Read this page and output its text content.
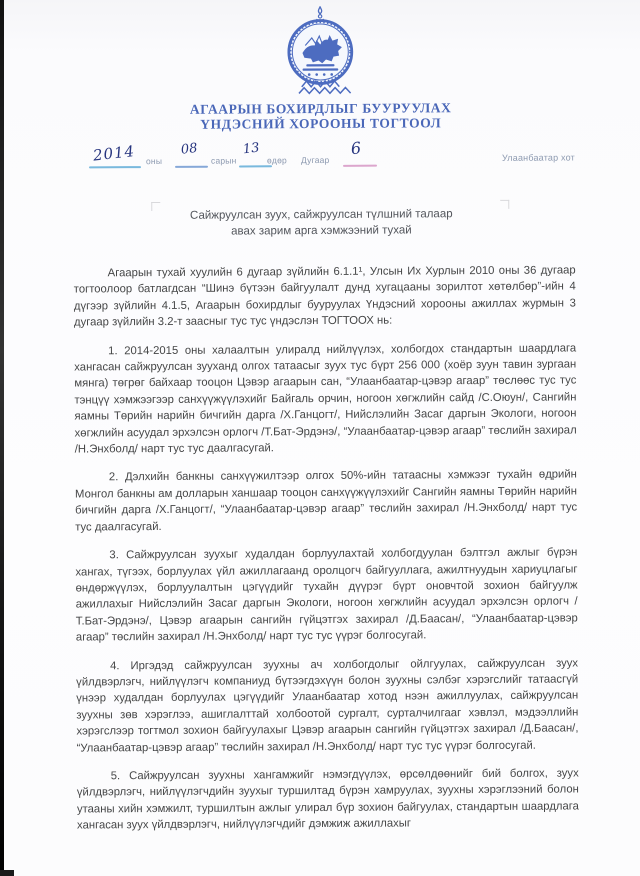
АГААРЫН БОХИРДЛЫГ БУУРУУЛАХ
ҮНДЭСНИЙ ХОРООНЫ ТОГТООЛ
2014 оны
08
сарын
13
өдөр Дугаар
6	Улаанбаатар хот
Сайжруулсан зуух, сайжруулсан түлшний талаар
авах зарим арга хэмжээний тухай

Агаарын тухай хуулийн 6 дугаар зүйлийн 6.1.1¹, Улсын Их Хурлын 2010 оны 36 дугаар тогтоолоор батлагдсан “Шинэ бүтээн байгуулалт дунд хугацааны зорилтот хөтөлбөр”-ийн 4 дүгээр зүйлийн 4.1.5, Агаарын бохирдлыг бууруулах Үндэсний хорооны ажиллах журмын 3 дугаар зүйлийн 3.2-т заасныг тус тус үндэслэн ТОГТООХ нь:

1. 2014-2015 оны халаалтын улиралд нийлүүлэх, холбогдох стандартын шаардлага хангасан сайжруулсан зууханд олгох татаасыг зуух тус бүрт 256 000 (хоёр зуун тавин зургаан мянга) төгрөг байхаар тооцон Цэвэр агаарын сан, “Улаанбаатар-цэвэр агаар” төслөөс тус тус тэнцүү хэмжээгээр санхүүжүүлэхийг Байгаль орчин, ногоон хөгжлийн сайд /С.Оюун/, Сангийн яамны Төрийн нарийн бичгийн дарга /Х.Ганцогт/, Нийслэлийн Засаг даргын Экологи, ногоон хөгжлийн асуудал эрхэлсэн орлогч /Т.Бат-Эрдэнэ/, “Улаанбаатар-цэвэр агаар” төслийн захирал /Н.Энхболд/ нарт тус тус даалгасугай.

2. Дэлхийн банкны санхүүжилтээр олгох 50%-ийн татаасны хэмжээг тухайн өдрийн Монгол банкны ам долларын ханшаар тооцон санхүүжүүлэхийг Сангийн яамны Төрийн нарийн бичгийн дарга /Х.Ганцогт/, “Улаанбаатар-цэвэр агаар” төслийн захирал /Н.Энхболд/ нарт тус тус даалгасугай.

3. Сайжруулсан зуухыг худалдан борлуулахтай холбогдуулан бэлтгэл ажлыг бүрэн хангах, түгээх, борлуулах үйл ажиллагаанд оролцогч байгууллага, ажилтнуудын хариуцлагыг өндөржүүлэх, борлуулалтын цэгүүдийг тухайн дүүрэг бүрт оновчтой зохион байгуулж ажиллахыг Нийслэлийн Засаг даргын Экологи, ногоон хөгжлийн асуудал эрхэлсэн орлогч /Т.Бат-Эрдэнэ/, Цэвэр агаарын сангийн гүйцэтгэх захирал /Д.Баасан/, “Улаанбаатар-цэвэр агаар” төслийн захирал /Н.Энхболд/ нарт тус тус үүрэг болгосугай.

4. Иргэдэд сайжруулсан зуухны ач холбогдолыг ойлгуулах, сайжруулсан зуух үйлдвэрлэгч, нийлүүлэгч компаниуд бүтээгдэхүүн болон зуухны сэлбэг хэрэгслийг татаасгүй үнээр худалдан борлуулах цэгүүдийг Улаанбаатар хотод нээн ажиллуулах, сайжруулсан зуухны зөв хэрэглээ, ашиглалттай холбоотой сургалт, сурталчилгааг хэвлэл, мэдээллийн хэрэгслээр тогтмол зохион байгуулахыг Цэвэр агаарын сангийн гүйцэтгэх захирал /Д.Баасан/, “Улаанбаатар-цэвэр агаар” төслийн захирал /Н.Энхболд/ нарт тус тус үүрэг болгосугай.

5. Сайжруулсан зуухны хангамжийг нэмэгдүүлэх, өрсөлдөөнийг бий болгох, зуух үйлдвэрлэгч, нийлүүлэгчдийн зуухыг туршилтад бүрэн хамруулах, зуухны хэрэглээний болон утааны хийн хэмжилт, туршилтын ажлыг улирал бүр зохион байгуулах, стандартын шаардлага хангасан зуух үйлдвэрлэгч, нийлүүлэгчдийг дэмжиж ажиллахыг
